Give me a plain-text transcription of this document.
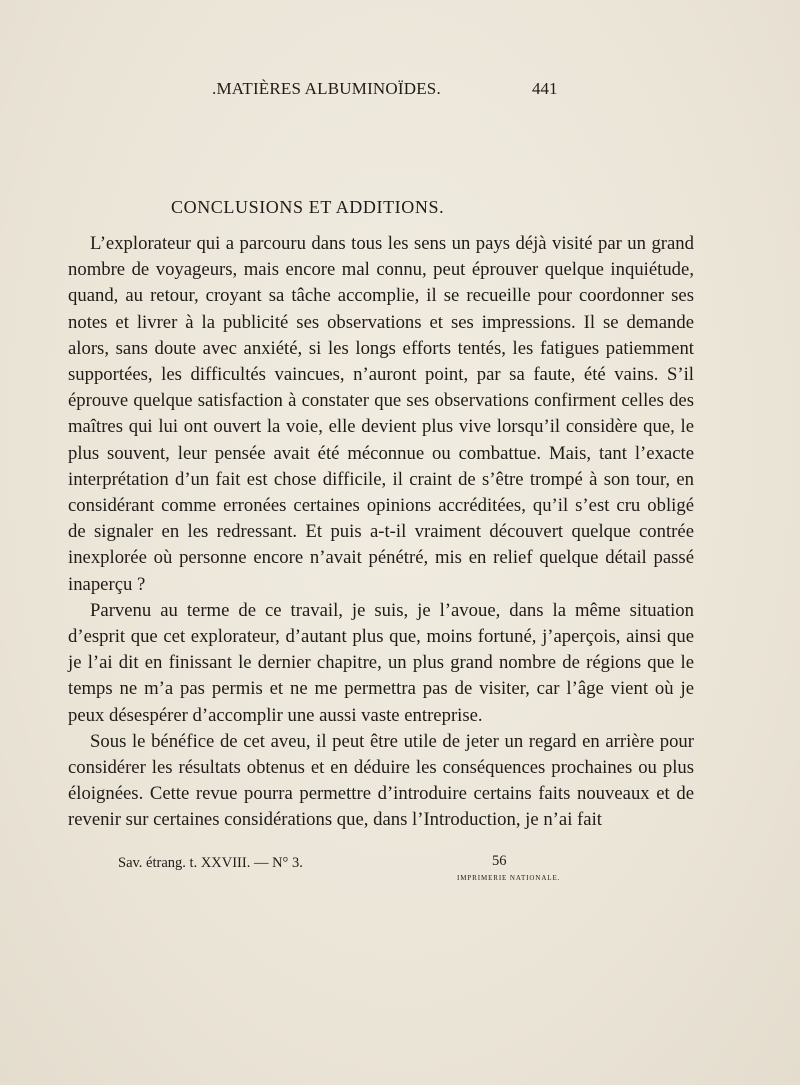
.MATIÈRES ALBUMINOÏDES.	441
CONCLUSIONS ET ADDITIONS.

L’explorateur qui a parcouru dans tous les sens un pays déjà visité par un grand nombre de voyageurs, mais encore mal connu, peut éprouver quelque inquiétude, quand, au retour, croyant sa tâche accomplie, il se recueille pour coordonner ses notes et livrer à la publicité ses observations et ses impressions. Il se demande alors, sans doute avec anxiété, si les longs efforts tentés, les fatigues patiemment supportées, les difficultés vaincues, n’auront point, par sa faute, été vains. S’il éprouve quelque satisfaction à constater que ses observations confirment celles des maîtres qui lui ont ouvert la voie, elle devient plus vive lorsqu’il considère que, le plus souvent, leur pensée avait été méconnue ou combattue. Mais, tant l’exacte interprétation d’un fait est chose difficile, il craint de s’être trompé à son tour, en considérant comme erronées certaines opinions accréditées, qu’il s’est cru obligé de signaler en les redressant. Et puis a-t-il vraiment découvert quelque contrée inexplorée où personne encore n’avait pénétré, mis en relief quelque détail passé inaperçu ?

Parvenu au terme de ce travail, je suis, je l’avoue, dans la même situation d’esprit que cet explorateur, d’autant plus que, moins fortuné, j’aperçois, ainsi que je l’ai dit en finissant le dernier chapitre, un plus grand nombre de régions que le temps ne m’a pas permis et ne me permettra pas de visiter, car l’âge vient où je peux désespérer d’accomplir une aussi vaste entreprise.

Sous le bénéfice de cet aveu, il peut être utile de jeter un regard en arrière pour considérer les résultats obtenus et en déduire les conséquences prochaines ou plus éloignées. Cette revue pourra permettre d’introduire certains faits nouveaux et de revenir sur certaines considérations que, dans l’Introduction, je n’ai fait

Sav. étrang. t. XXVIII. — N° 3.	56
IMPRIMERIE NATIONALE.
